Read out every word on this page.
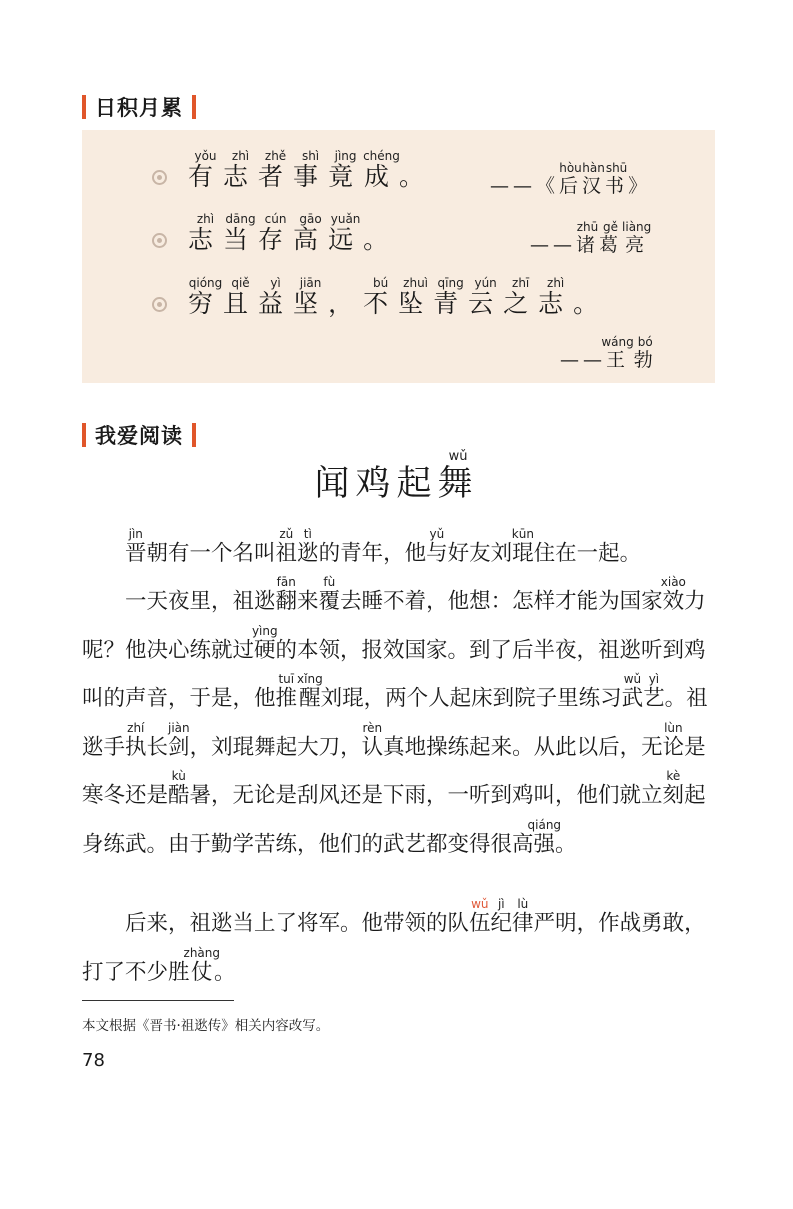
日积月累
有yǒu志zhì者zhě事shì竟jìng成chéng。	——《后hòu汉hàn书shū》
志zhì当dāng存cún高gāo远yuǎn。	——诸zhū葛gě亮liàng
穷qióng且qiě益yì坚jiān，不bú坠zhuì青qīng云yún之zhī志zhì。
——王wáng勃bó
我爱阅读
闻鸡起舞wǔ
晋jìn朝有一个名叫祖zǔ逖tì的青年，他与yǔ好友刘琨kūn住在一起。
一天夜里，祖逖翻fān来覆fù去睡不着，他想：怎样才能为国家效xiào力呢？他决心练就过硬yìng的本领，报效国家。到了后半夜，祖逖听到鸡叫的声音，于是，他推tuī醒xǐng刘琨，两个人起床到院子里练习武wǔ艺yì。祖逖手执zhí长剑jiàn，刘琨舞起大刀，认rèn真地操练起来。从此以后，无论lùn是寒冬还是酷kù暑，无论是刮风还是下雨，一听到鸡叫，他们就立刻kè起身练武。由于勤学苦练，他们的武艺都变得很高强qiáng。
后来，祖逖当上了将军。他带领的队伍wǔ纪jì律lù严明，作战勇敢，打了不少胜仗zhàng。
本文根据《晋书·祖逖传》相关内容改写。
78
